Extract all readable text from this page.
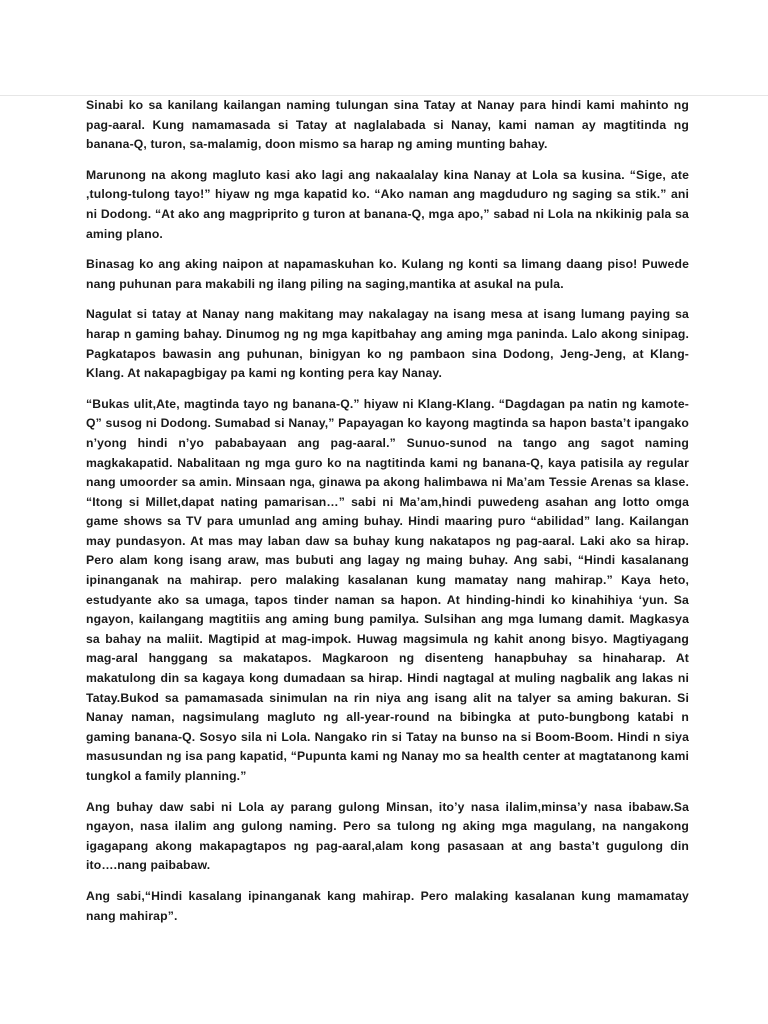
Sinabi ko sa kanilang kailangan naming tulungan sina Tatay at Nanay para hindi kami mahinto ng pag-aaral. Kung namamasada si Tatay at naglalabada si Nanay, kami naman ay magtitinda ng banana-Q, turon, sa-malamig, doon mismo sa harap ng aming munting bahay.

Marunong na akong magluto kasi ako lagi ang nakaalalay kina Nanay at Lola sa kusina. “Sige, ate ,tulong-tulong tayo!” hiyaw ng mga kapatid ko. “Ako naman ang magduduro ng saging sa stik.” ani ni Dodong. “At ako ang magpriprito g turon at banana-Q, mga apo,” sabad ni Lola na nkikinig pala sa aming plano.

Binasag ko ang aking naipon at napamaskuhan ko. Kulang ng konti sa limang daang piso! Puwede nang puhunan para makabili ng ilang piling na saging,mantika at asukal na pula.

Nagulat si tatay at Nanay nang makitang may nakalagay na isang mesa at isang lumang paying sa harap n gaming bahay. Dinumog ng ng mga kapitbahay ang aming mga paninda. Lalo akong sinipag. Pagkatapos bawasin ang puhunan, binigyan ko ng pambaon sina Dodong, Jeng-Jeng, at Klang-Klang. At nakapagbigay pa kami ng konting pera kay Nanay.

“Bukas ulit,Ate, magtinda tayo ng banana-Q.” hiyaw ni Klang-Klang. “Dagdagan pa natin ng kamote-Q” susog ni Dodong. Sumabad si Nanay,” Papayagan ko kayong magtinda sa hapon basta’t ipangako n’yong hindi n’yo pababayaan ang pag-aaral.” Sunuo-sunod na tango ang sagot naming magkakapatid. Nabalitaan ng mga guro ko na nagtitinda kami ng banana-Q, kaya patisila ay regular nang umoorder sa amin. Minsaan nga, ginawa pa akong halimbawa ni Ma’am Tessie Arenas sa klase. “Itong si Millet,dapat nating pamarisan…” sabi ni Ma’am,hindi puwedeng asahan ang lotto omga game shows sa TV para umunlad ang aming buhay. Hindi maaring puro “abilidad” lang. Kailangan may pundasyon. At mas may laban daw sa buhay kung nakatapos ng pag-aaral. Laki ako sa hirap. Pero alam kong isang araw, mas bubuti ang lagay ng maing buhay. Ang sabi, “Hindi kasalanang ipinanganak na mahirap. pero malaking kasalanan kung mamatay nang mahirap.” Kaya heto, estudyante ako sa umaga, tapos tinder naman sa hapon. At hinding-hindi ko kinahihiya ‘yun. Sa ngayon, kailangang magtitiis ang aming bung pamilya. Sulsihan ang mga lumang damit. Magkasya sa bahay na maliit. Magtipid at mag-impok. Huwag magsimula ng kahit anong bisyo. Magtiyagang mag-aral hanggang sa makatapos. Magkaroon ng disenteng hanapbuhay sa hinaharap. At makatulong din sa kagaya kong dumadaan sa hirap. Hindi nagtagal at muling nagbalik ang lakas ni Tatay.Bukod sa pamamasada sinimulan na rin niya ang isang alit na talyer sa aming bakuran. Si Nanay naman, nagsimulang magluto ng all-year-round na bibingka at puto-bungbong katabi n gaming banana-Q. Sosyo sila ni Lola. Nangako rin si Tatay na bunso na si Boom-Boom. Hindi n siya masusundan ng isa pang kapatid, “Pupunta kami ng Nanay mo sa health center at magtatanong kami tungkol a family planning.”

Ang buhay daw sabi ni Lola ay parang gulong Minsan, ito’y nasa ilalim,minsa’y nasa ibabaw.Sa ngayon, nasa ilalim ang gulong naming. Pero sa tulong ng aking mga magulang, na nangakong igagapang akong makapagtapos ng pag-aaral,alam kong pasasaan at ang basta’t gugulong din ito….nang paibabaw.

Ang sabi,“Hindi kasalang ipinanganak kang mahirap. Pero malaking kasalanan kung mamamatay nang mahirap”.
